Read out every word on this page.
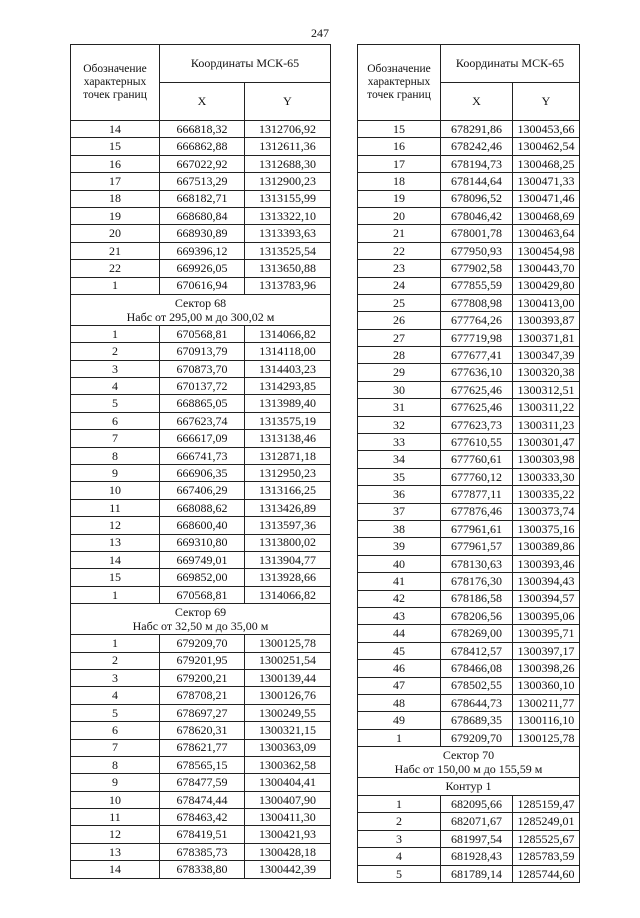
247
Обозначение характерных точек границ	Координаты МСК-65	
	X	Y
14	666818,32	1312706,92
15	666862,88	1312611,36
16	667022,92	1312688,30
17	667513,29	1312900,23
18	668182,71	1313155,99
19	668680,84	1313322,10
20	668930,89	1313393,63
21	669396,12	1313525,54
22	669926,05	1313650,88
1	670616,94	1313783,96

Сектор 68
Набс от 295,00 м до 300,02 м		

1	670568,81	1314066,82
2	670913,79	1314118,00
3	670873,70	1314403,23
4	670137,72	1314293,85
5	668865,05	1313989,40
6	667623,74	1313575,19
7	666617,09	1313138,46
8	666741,73	1312871,18
9	666906,35	1312950,23
10	667406,29	1313166,25
11	668088,62	1313426,89
12	668600,40	1313597,36
13	669310,80	1313800,02
14	669749,01	1313904,77
15	669852,00	1313928,66
1	670568,81	1314066,82

Сектор 69
Набс от 32,50 м до 35,00 м		

1	679209,70	1300125,78
2	679201,95	1300251,54
3	679200,21	1300139,44
4	678708,21	1300126,76
5	678697,27	1300249,55
6	678620,31	1300321,15
7	678621,77	1300363,09
8	678565,15	1300362,58
9	678477,59	1300404,41
10	678474,44	1300407,90
11	678463,42	1300411,30
12	678419,51	1300421,93
13	678385,73	1300428,18
14	678338,80	1300442,39
Обозначение характерных точек границ	Координаты МСК-65	
	X	Y
15	678291,86	1300453,66
16	678242,46	1300462,54
17	678194,73	1300468,25
18	678144,64	1300471,33
19	678096,52	1300471,46
20	678046,42	1300468,69
21	678001,78	1300463,64
22	677950,93	1300454,98
23	677902,58	1300443,70
24	677855,59	1300429,80
25	677808,98	1300413,00
26	677764,26	1300393,87
27	677719,98	1300371,81
28	677677,41	1300347,39
29	677636,10	1300320,38
30	677625,46	1300312,51
31	677625,46	1300311,22
32	677623,73	1300311,23
33	677610,55	1300301,47
34	677760,61	1300303,98
35	677760,12	1300333,30
36	677877,11	1300335,22
37	677876,46	1300373,74
38	677961,61	1300375,16
39	677961,57	1300389,86
40	678130,63	1300393,46
41	678176,30	1300394,43
42	678186,58	1300394,57
43	678206,56	1300395,06
44	678269,00	1300395,71
45	678412,57	1300397,17
46	678466,08	1300398,26
47	678502,55	1300360,10
48	678644,73	1300211,77
49	678689,35	1300116,10
1	679209,70	1300125,78

Сектор 70
Набс от 150,00 м до 155,59 м		

Контур 1		

1	682095,66	1285159,47
2	682071,67	1285249,01
3	681997,54	1285525,67
4	681928,43	1285783,59
5	681789,14	1285744,60
